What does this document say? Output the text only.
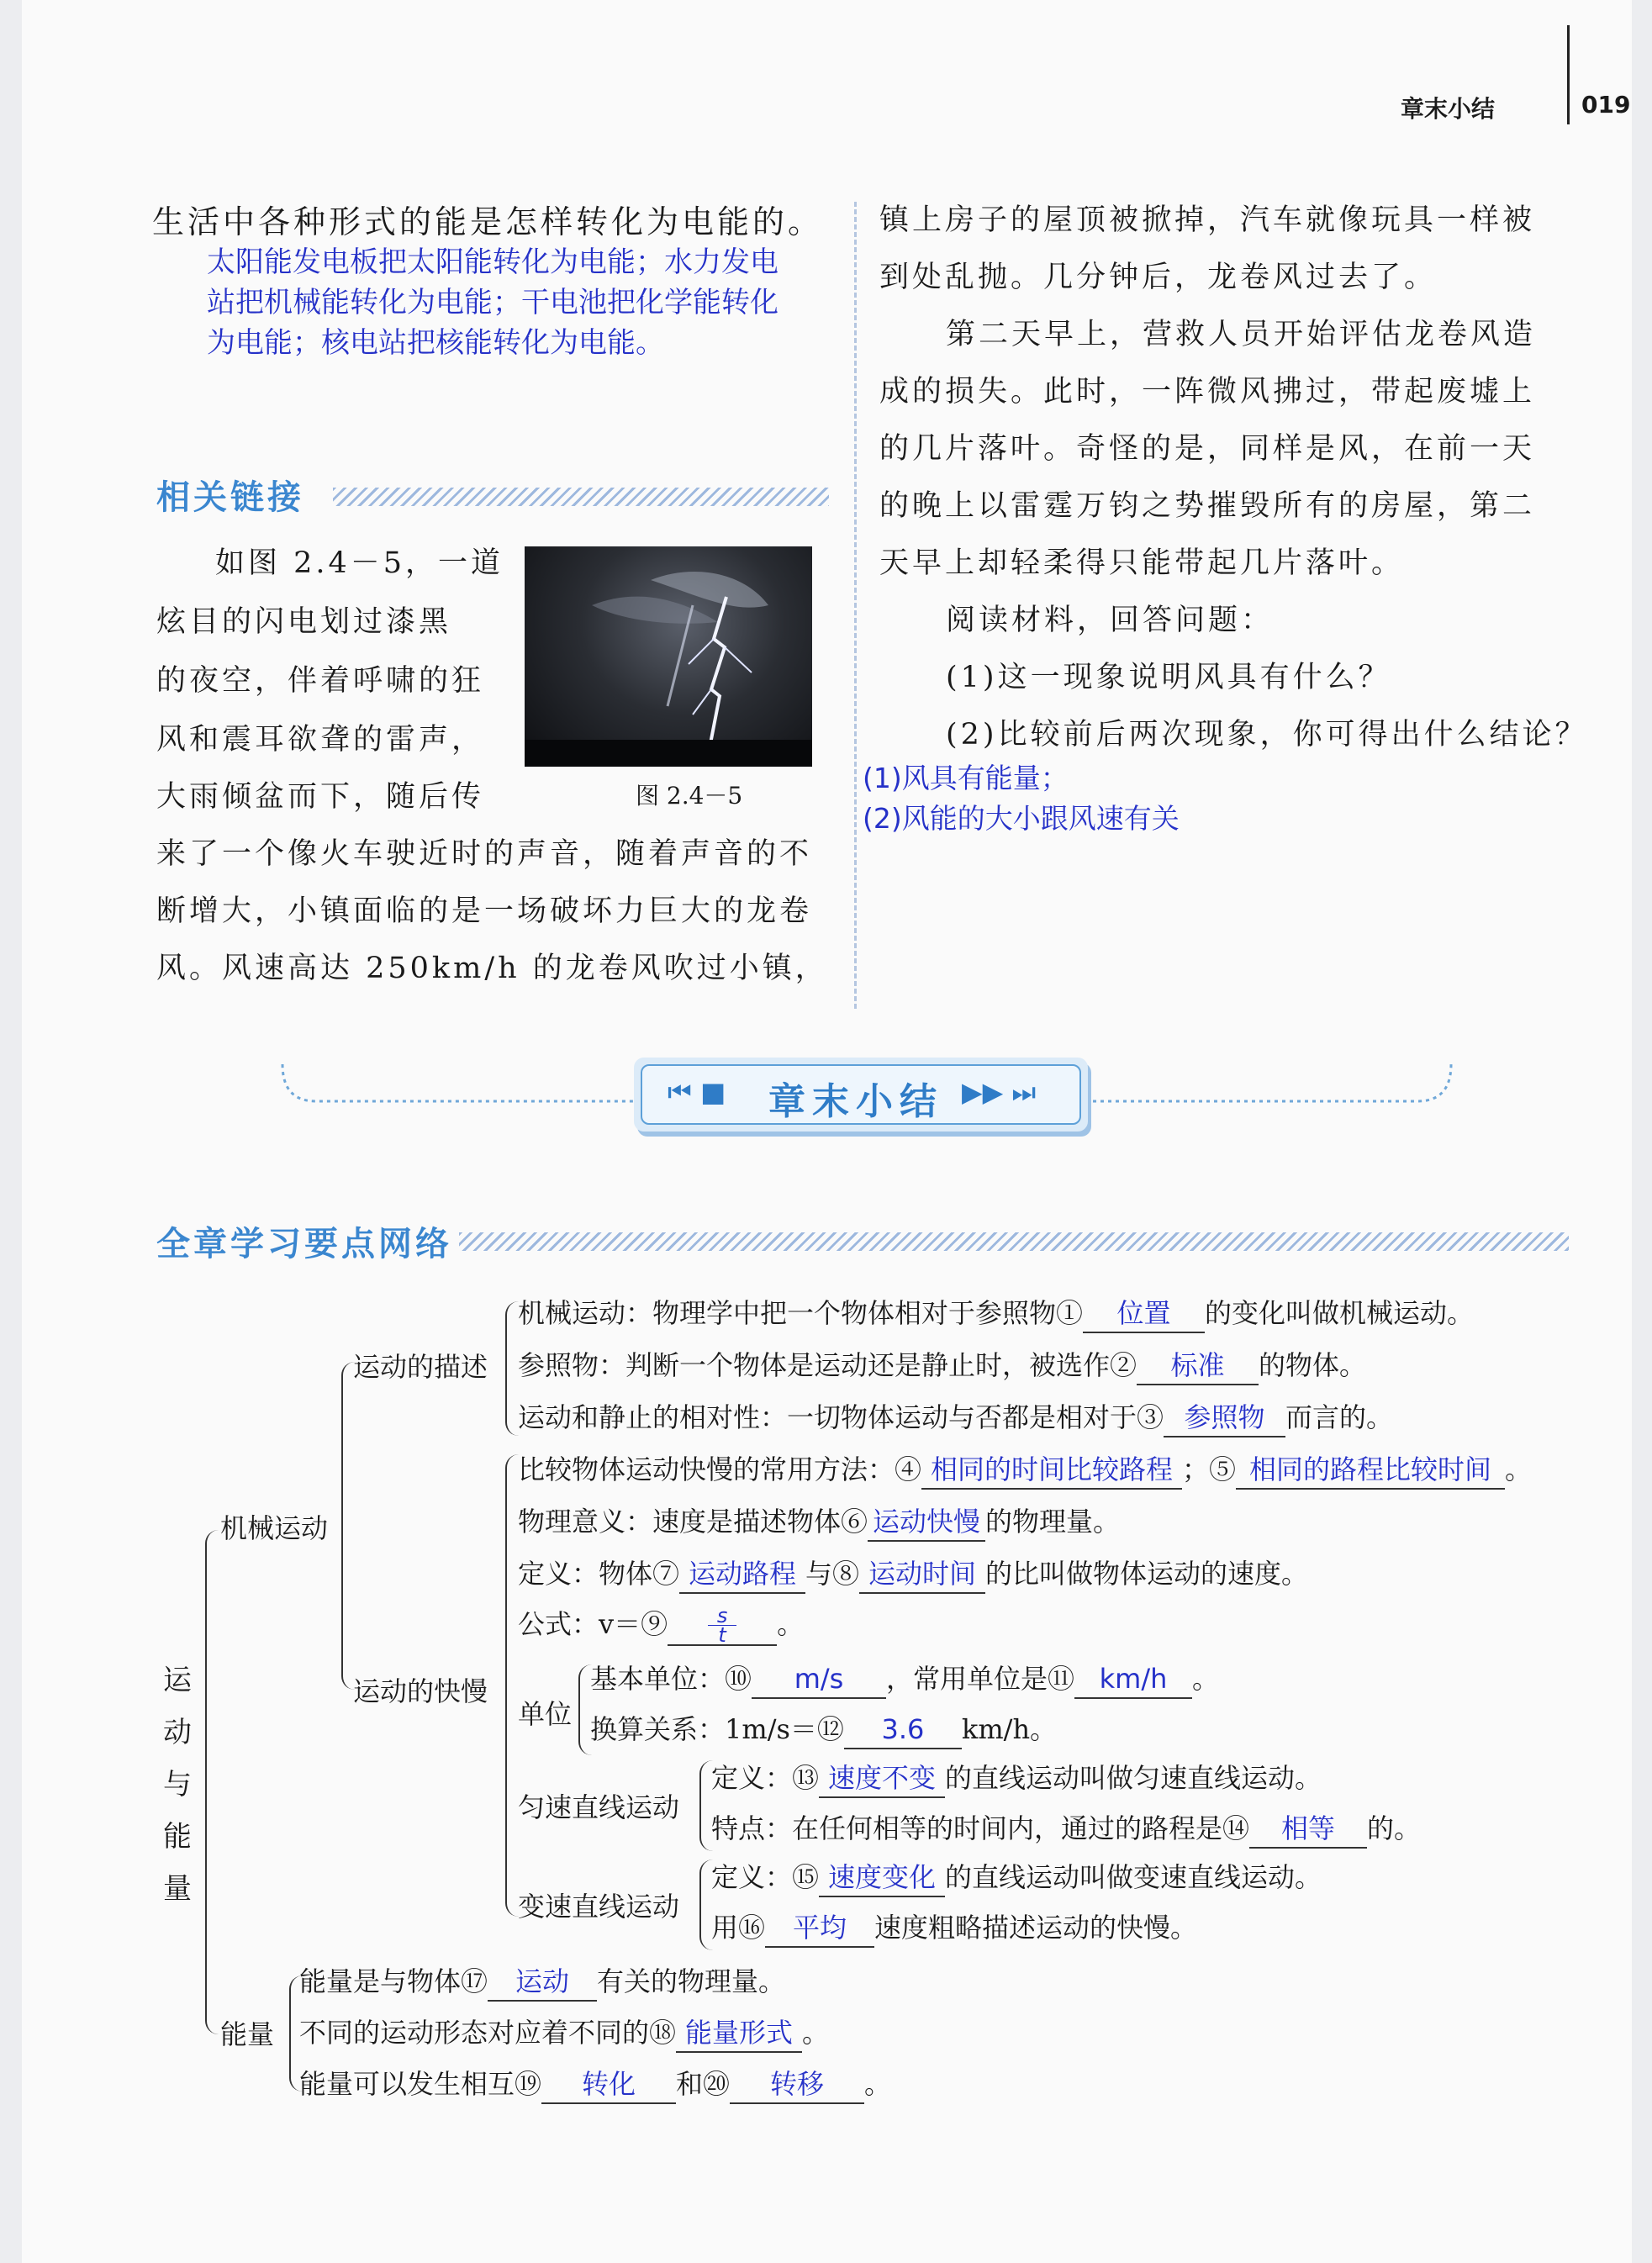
章末小结	019
生活中各种形式的能是怎样转化为电能的。
太阳能发电板把太阳能转化为电能；水力发电
站把机械能转化为电能；干电池把化学能转化
为电能；核电站把核能转化为电能。
相关链接
如图 2.4－5，一道
炫目的闪电划过漆黑
的夜空，伴着呼啸的狂
风和震耳欲聋的雷声，
大雨倾盆而下，随后传
来了一个像火车驶近时的声音，随着声音的不
断增大，小镇面临的是一场破坏力巨大的龙卷
风。风速高达 250km/h 的龙卷风吹过小镇，
图 2.4－5
镇上房子的屋顶被掀掉，汽车就像玩具一样被
到处乱抛。几分钟后，龙卷风过去了。
　第二天早上，营救人员开始评估龙卷风造
成的损失。此时，一阵微风拂过，带起废墟上
的几片落叶。奇怪的是，同样是风，在前一天
的晚上以雷霆万钧之势摧毁所有的房屋，第二
天早上却轻柔得只能带起几片落叶。
　阅读材料，回答问题：
　(1)这一现象说明风具有什么？
　(2)比较前后两次现象，你可得出什么结论？
(1)风具有能量；
(2)风能的大小跟风速有关
⏮ ■ 章末小结 ▶▶ ⏭
全章学习要点网络
运
动
与
能
量
机械运动
能量
运动的描述
运动的快慢
机械运动：物理学中把一个物体相对于参照物① 位置 的变化叫做机械运动。
参照物：判断一个物体是运动还是静止时，被选作② 标准 的物体。
运动和静止的相对性：一切物体运动与否都是相对于③ 参照物 而言的。
比较物体运动快慢的常用方法：④ 相同的时间比较路程 ；⑤ 相同的路程比较时间 。
物理意义：速度是描述物体⑥ 运动快慢 的物理量。
定义：物体⑦ 运动路程 与⑧ 运动时间 的比叫做物体运动的速度。
公式：v＝⑨ $\frac{s}{t}$ 。
单位
基本单位：⑩ m/s ，常用单位是⑪ km/h 。
换算关系：1m/s＝⑫ 3.6 km/h。
匀速直线运动
定义：⑬ 速度不变 的直线运动叫做匀速直线运动。
特点：在任何相等的时间内，通过的路程是⑭ 相等 的。
变速直线运动
定义：⑮ 速度变化 的直线运动叫做变速直线运动。
用⑯ 平均 速度粗略描述运动的快慢。
能量是与物体⑰ 运动 有关的物理量。
不同的运动形态对应着不同的⑱ 能量形式 。
能量可以发生相互⑲ 转化 和⑳ 转移 。
